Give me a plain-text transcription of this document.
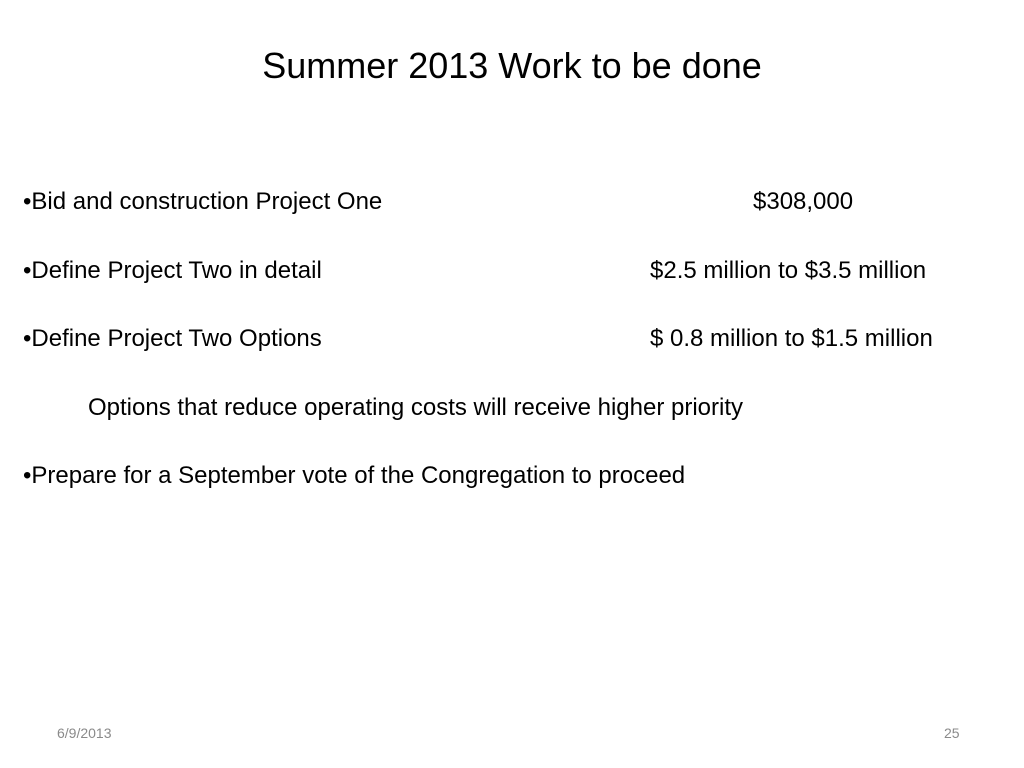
Summer 2013 Work to be done
•Bid and construction Project One	$308,000
•Define Project Two in detail	$2.5 million to $3.5 million
•Define Project Two Options	$ 0.8 million to $1.5 million
Options that reduce operating costs will receive higher priority
•Prepare for a September vote of the Congregation to proceed
6/9/2013	25
